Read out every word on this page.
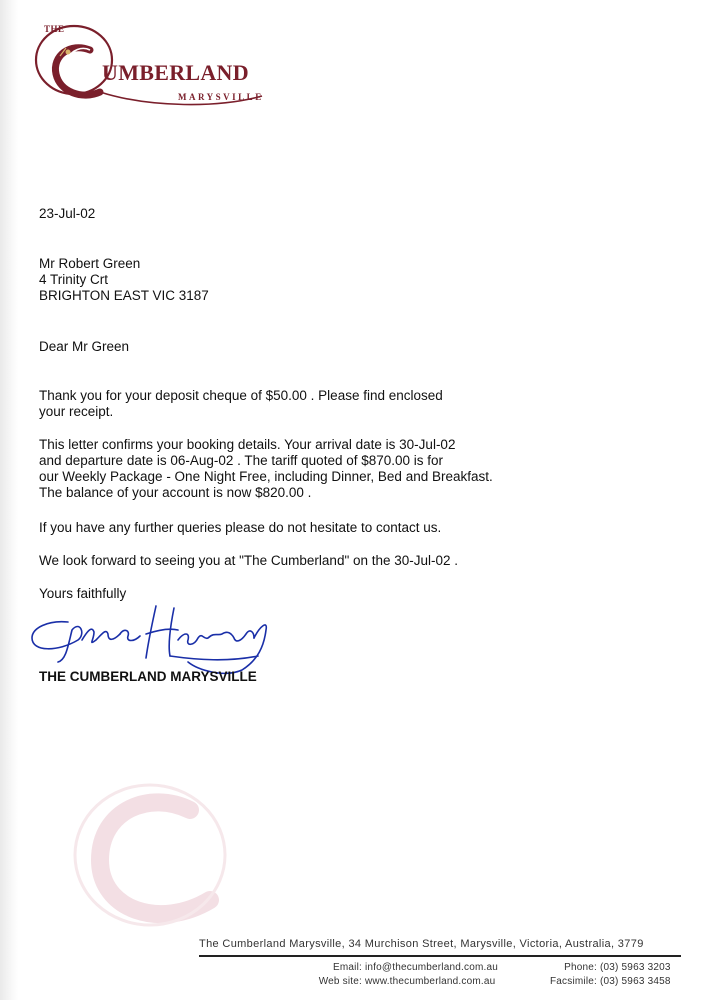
THE
UMBERLAND
MARYSVILLE
23-Jul-02
Mr Robert Green
4 Trinity Crt
BRIGHTON EAST VIC 3187
Dear Mr Green
Thank you for your deposit cheque of $50.00 . Please find enclosed
your receipt.
This letter confirms your booking details. Your arrival date is 30-Jul-02
and departure date is 06-Aug-02 . The tariff quoted of $870.00 is for
our Weekly Package - One Night Free, including Dinner, Bed and Breakfast.
The balance of your account is now $820.00 .
If you have any further queries please do not hesitate to contact us.
We look forward to seeing you at "The Cumberland" on the 30-Jul-02 .
Yours faithfully
THE CUMBERLAND MARYSVILLE
The Cumberland Marysville, 34 Murchison Street, Marysville, Victoria, Australia, 3779
Email: info@thecumberland.com.au
Web site: www.thecumberland.com.au
Phone: (03) 5963 3203
Facsimile: (03) 5963 3458
